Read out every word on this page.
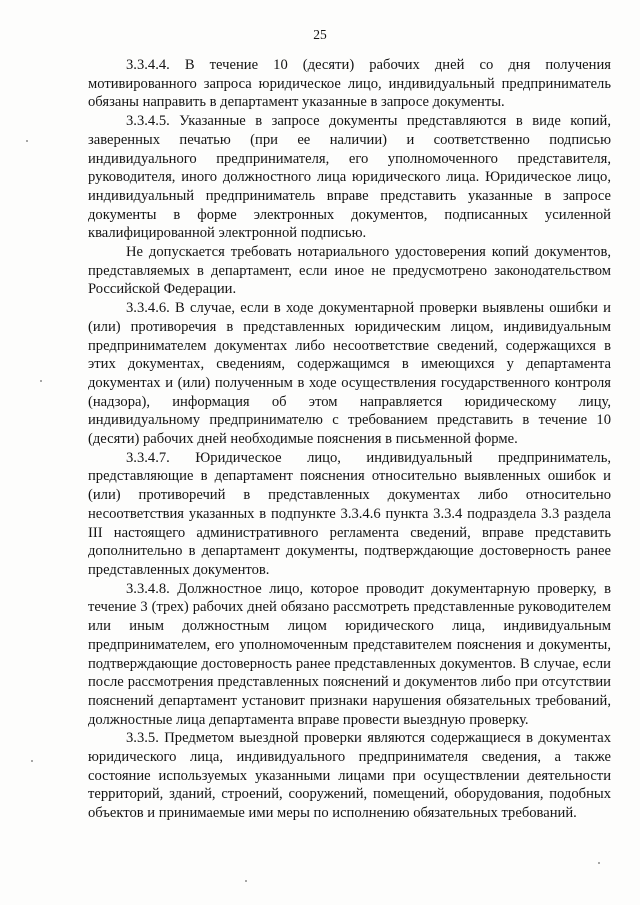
25

3.3.4.4. В течение 10 (десяти) рабочих дней со дня получения мотивированного запроса юридическое лицо, индивидуальный предприниматель обязаны направить в департамент указанные в запросе документы.

3.3.4.5. Указанные в запросе документы представляются в виде копий, заверенных печатью (при ее наличии) и соответственно подписью индивидуального предпринимателя, его уполномоченного представителя, руководителя, иного должностного лица юридического лица. Юридическое лицо, индивидуальный предприниматель вправе представить указанные в запросе документы в форме электронных документов, подписанных усиленной квалифицированной электронной подписью.

Не допускается требовать нотариального удостоверения копий документов, представляемых в департамент, если иное не предусмотрено законодательством Российской Федерации.

3.3.4.6. В случае, если в ходе документарной проверки выявлены ошибки и (или) противоречия в представленных юридическим лицом, индивидуальным предпринимателем документах либо несоответствие сведений, содержащихся в этих документах, сведениям, содержащимся в имеющихся у департамента документах и (или) полученным в ходе осуществления государственного контроля (надзора), информация об этом направляется юридическому лицу, индивидуальному предпринимателю с требованием представить в течение 10 (десяти) рабочих дней необходимые пояснения в письменной форме.

3.3.4.7. Юридическое лицо, индивидуальный предприниматель, представляющие в департамент пояснения относительно выявленных ошибок и (или) противоречий в представленных документах либо относительно несоответствия указанных в подпункте 3.3.4.6 пункта 3.3.4 подраздела 3.3 раздела III настоящего административного регламента сведений, вправе представить дополнительно в департамент документы, подтверждающие достоверность ранее представленных документов.

3.3.4.8. Должностное лицо, которое проводит документарную проверку, в течение 3 (трех) рабочих дней обязано рассмотреть представленные руководителем или иным должностным лицом юридического лица, индивидуальным предпринимателем, его уполномоченным представителем пояснения и документы, подтверждающие достоверность ранее представленных документов. В случае, если после рассмотрения представленных пояснений и документов либо при отсутствии пояснений департамент установит признаки нарушения обязательных требований, должностные лица департамента вправе провести выездную проверку.

3.3.5. Предметом выездной проверки являются содержащиеся в документах юридического лица, индивидуального предпринимателя сведения, а также состояние используемых указанными лицами при осуществлении деятельности территорий, зданий, строений, сооружений, помещений, оборудования, подобных объектов и принимаемые ими меры по исполнению обязательных требований.
